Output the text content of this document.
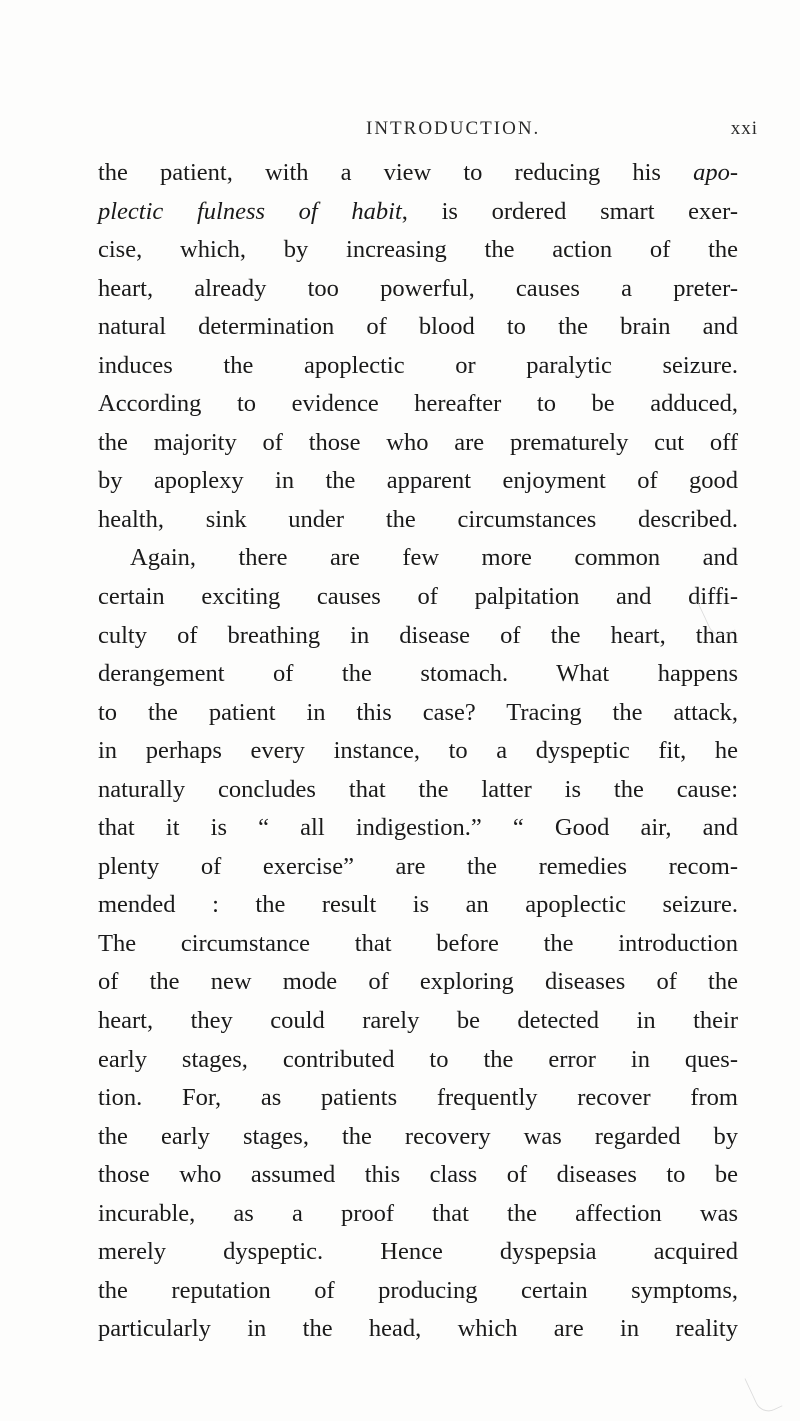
INTRODUCTION.	xxi
the patient, with a view to reducing his apo-
plectic fulness of habit, is ordered smart exer-
cise, which, by increasing the action of the
heart, already too powerful, causes a preter-
natural determination of blood to the brain and
induces the apoplectic or paralytic seizure.
According to evidence hereafter to be adduced,
the majority of those who are prematurely cut off
by apoplexy in the apparent enjoyment of good
health, sink under the circumstances described.
Again, there are few more common and
certain exciting causes of palpitation and diffi-
culty of breathing in disease of the heart, than
derangement of the stomach. What happens
to the patient in this case? Tracing the attack,
in perhaps every instance, to a dyspeptic fit, he
naturally concludes that the latter is the cause:
that it is “ all indigestion.” “ Good air, and
plenty of exercise” are the remedies recom-
mended : the result is an apoplectic seizure.
The circumstance that before the introduction
of the new mode of exploring diseases of the
heart, they could rarely be detected in their
early stages, contributed to the error in ques-
tion. For, as patients frequently recover from
the early stages, the recovery was regarded by
those who assumed this class of diseases to be
incurable, as a proof that the affection was
merely dyspeptic. Hence dyspepsia acquired
the reputation of producing certain symptoms,
particularly in the head, which are in reality
